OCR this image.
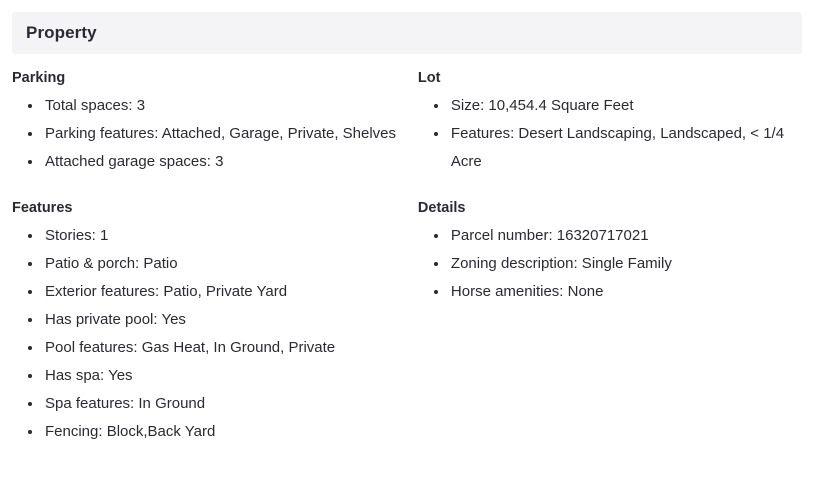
Property
Parking
• Total spaces: 3
• Parking features: Attached, Garage, Private, Shelves
• Attached garage spaces: 3
Features
• Stories: 1
• Patio & porch: Patio
• Exterior features: Patio, Private Yard
• Has private pool: Yes
• Pool features: Gas Heat, In Ground, Private
• Has spa: Yes
• Spa features: In Ground
• Fencing: Block,Back Yard
Lot
• Size: 10,454.4 Square Feet
• Features: Desert Landscaping, Landscaped, < 1/4 Acre
Details
• Parcel number: 16320717021
• Zoning description: Single Family
• Horse amenities: None
